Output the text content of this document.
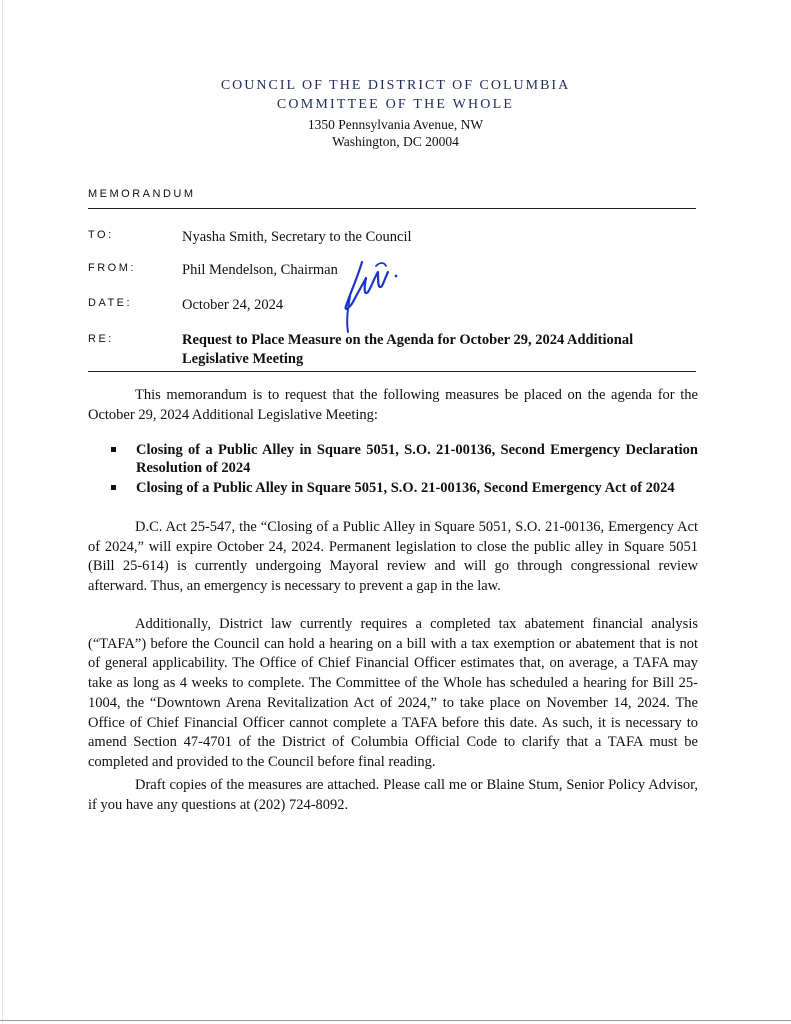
COUNCIL OF THE DISTRICT OF COLUMBIA
COMMITTEE OF THE WHOLE
1350 Pennsylvania Avenue, NW
Washington, DC 20004
MEMORANDUM
TO:	Nyasha Smith, Secretary to the Council
FROM:	Phil Mendelson, Chairman
DATE:	October 24, 2024
RE:	Request to Place Measure on the Agenda for October 29, 2024 Additional Legislative Meeting
This memorandum is to request that the following measures be placed on the agenda for the October 29, 2024 Additional Legislative Meeting:
Closing of a Public Alley in Square 5051, S.O. 21-00136, Second Emergency Declaration Resolution of 2024
Closing of a Public Alley in Square 5051, S.O. 21-00136, Second Emergency Act of 2024
D.C. Act 25-547, the “Closing of a Public Alley in Square 5051, S.O. 21-00136, Emergency Act of 2024,” will expire October 24, 2024. Permanent legislation to close the public alley in Square 5051 (Bill 25-614) is currently undergoing Mayoral review and will go through congressional review afterward. Thus, an emergency is necessary to prevent a gap in the law.
Additionally, District law currently requires a completed tax abatement financial analysis (“TAFA”) before the Council can hold a hearing on a bill with a tax exemption or abatement that is not of general applicability. The Office of Chief Financial Officer estimates that, on average, a TAFA may take as long as 4 weeks to complete. The Committee of the Whole has scheduled a hearing for Bill 25-1004, the “Downtown Arena Revitalization Act of 2024,” to take place on November 14, 2024. The Office of Chief Financial Officer cannot complete a TAFA before this date. As such, it is necessary to amend Section 47-4701 of the District of Columbia Official Code to clarify that a TAFA must be completed and provided to the Council before final reading.
Draft copies of the measures are attached. Please call me or Blaine Stum, Senior Policy Advisor, if you have any questions at (202) 724-8092.
